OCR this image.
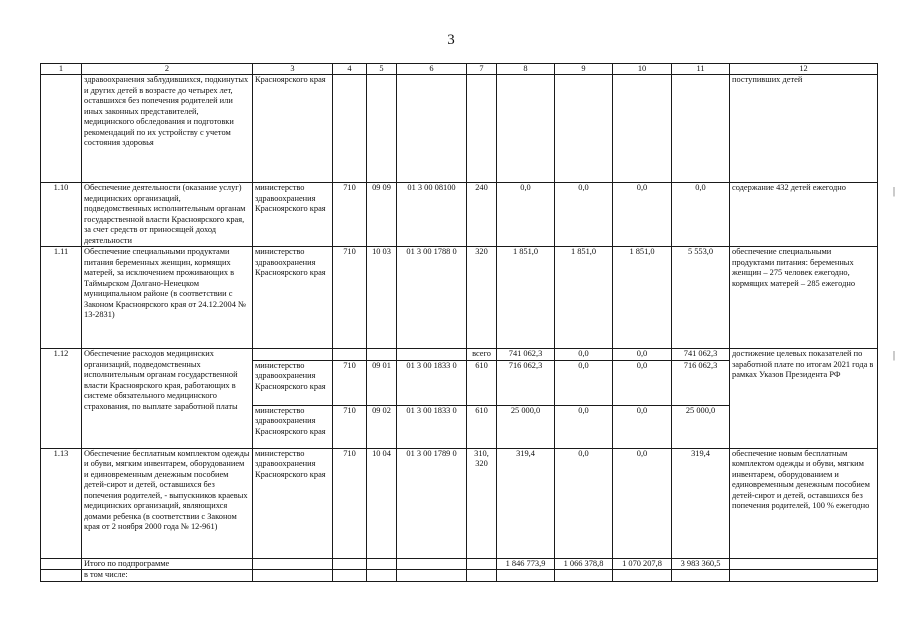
3
|
|
1	2	3	4	5	6	7	8	9	10	11	12
	здравоохранения заблудившихся, подкинутых и других детей в возрасте до четырех лет, оставшихся без попечения родителей или иных законных представителей, медицинского обследования и подготовки рекомендаций по их устройству с учетом состояния здоровья	Красноярского края									поступивших детей
1.10	Обеспечение деятельности (оказание услуг) медицинских организаций, подведомственных исполнительным органам государственной власти Красноярского края, за счет средств от приносящей доход деятельности	министерство здравоохранения Красноярского края	710	09 09	01 3 00 08100	240	0,0	0,0	0,0	0,0	содержание 432 детей ежегодно
1.11	Обеспечение специальными продуктами питания беременных женщин, кормящих матерей, за исключением проживающих в Таймырском Долгано-Ненецком муниципальном районе (в соответствии с Законом Красноярского края от 24.12.2004 № 13-2831)	министерство здравоохранения Красноярского края	710	10 03	01 3 00 1788 0	320	1 851,0	1 851,0	1 851,0	5 553,0	обеспечение специальными продуктами питания: беременных женщин – 275 человек ежегодно, кормящих матерей – 285 ежегодно
1.12	Обеспечение расходов медицинских организаций, подведомственных исполнительным органам государственной власти Красноярского края, работающих в системе обязательного медицинского страхования, по выплате заработной платы					всего	741 062,3	0,0	0,0	741 062,3	достижение целевых показателей по заработной плате по итогам 2021 года в рамках Указов Президента РФ
		министерство здравоохранения Красноярского края	710	09 01	01 3 00 1833 0	610	716 062,3	0,0	0,0	716 062,3	
		министерство здравоохранения Красноярского края	710	09 02	01 3 00 1833 0	610	25 000,0	0,0	0,0	25 000,0	
1.13	Обеспечение бесплатным комплектом одежды и обуви, мягким инвентарем, оборудованием и единовременным денежным пособием детей-сирот и детей, оставшихся без попечения родителей, - выпускников краевых медицинских организаций, являющихся домами ребенка (в соответствии с Законом края от 2 ноября 2000 года № 12-961)	министерство здравоохранения Красноярского края	710	10 04	01 3 00 1789 0	310, 320	319,4	0,0	0,0	319,4	обеспечение новым бесплатным комплектом одежды и обуви, мягким инвентарем, оборудованием и единовременным денежным пособием детей-сирот и детей, оставшихся без попечения родителей, 100 % ежегодно
	Итого по подпрограмме						1 846 773,9	1 066 378,8	1 070 207,8	3 983 360,5	
	в том числе:										
